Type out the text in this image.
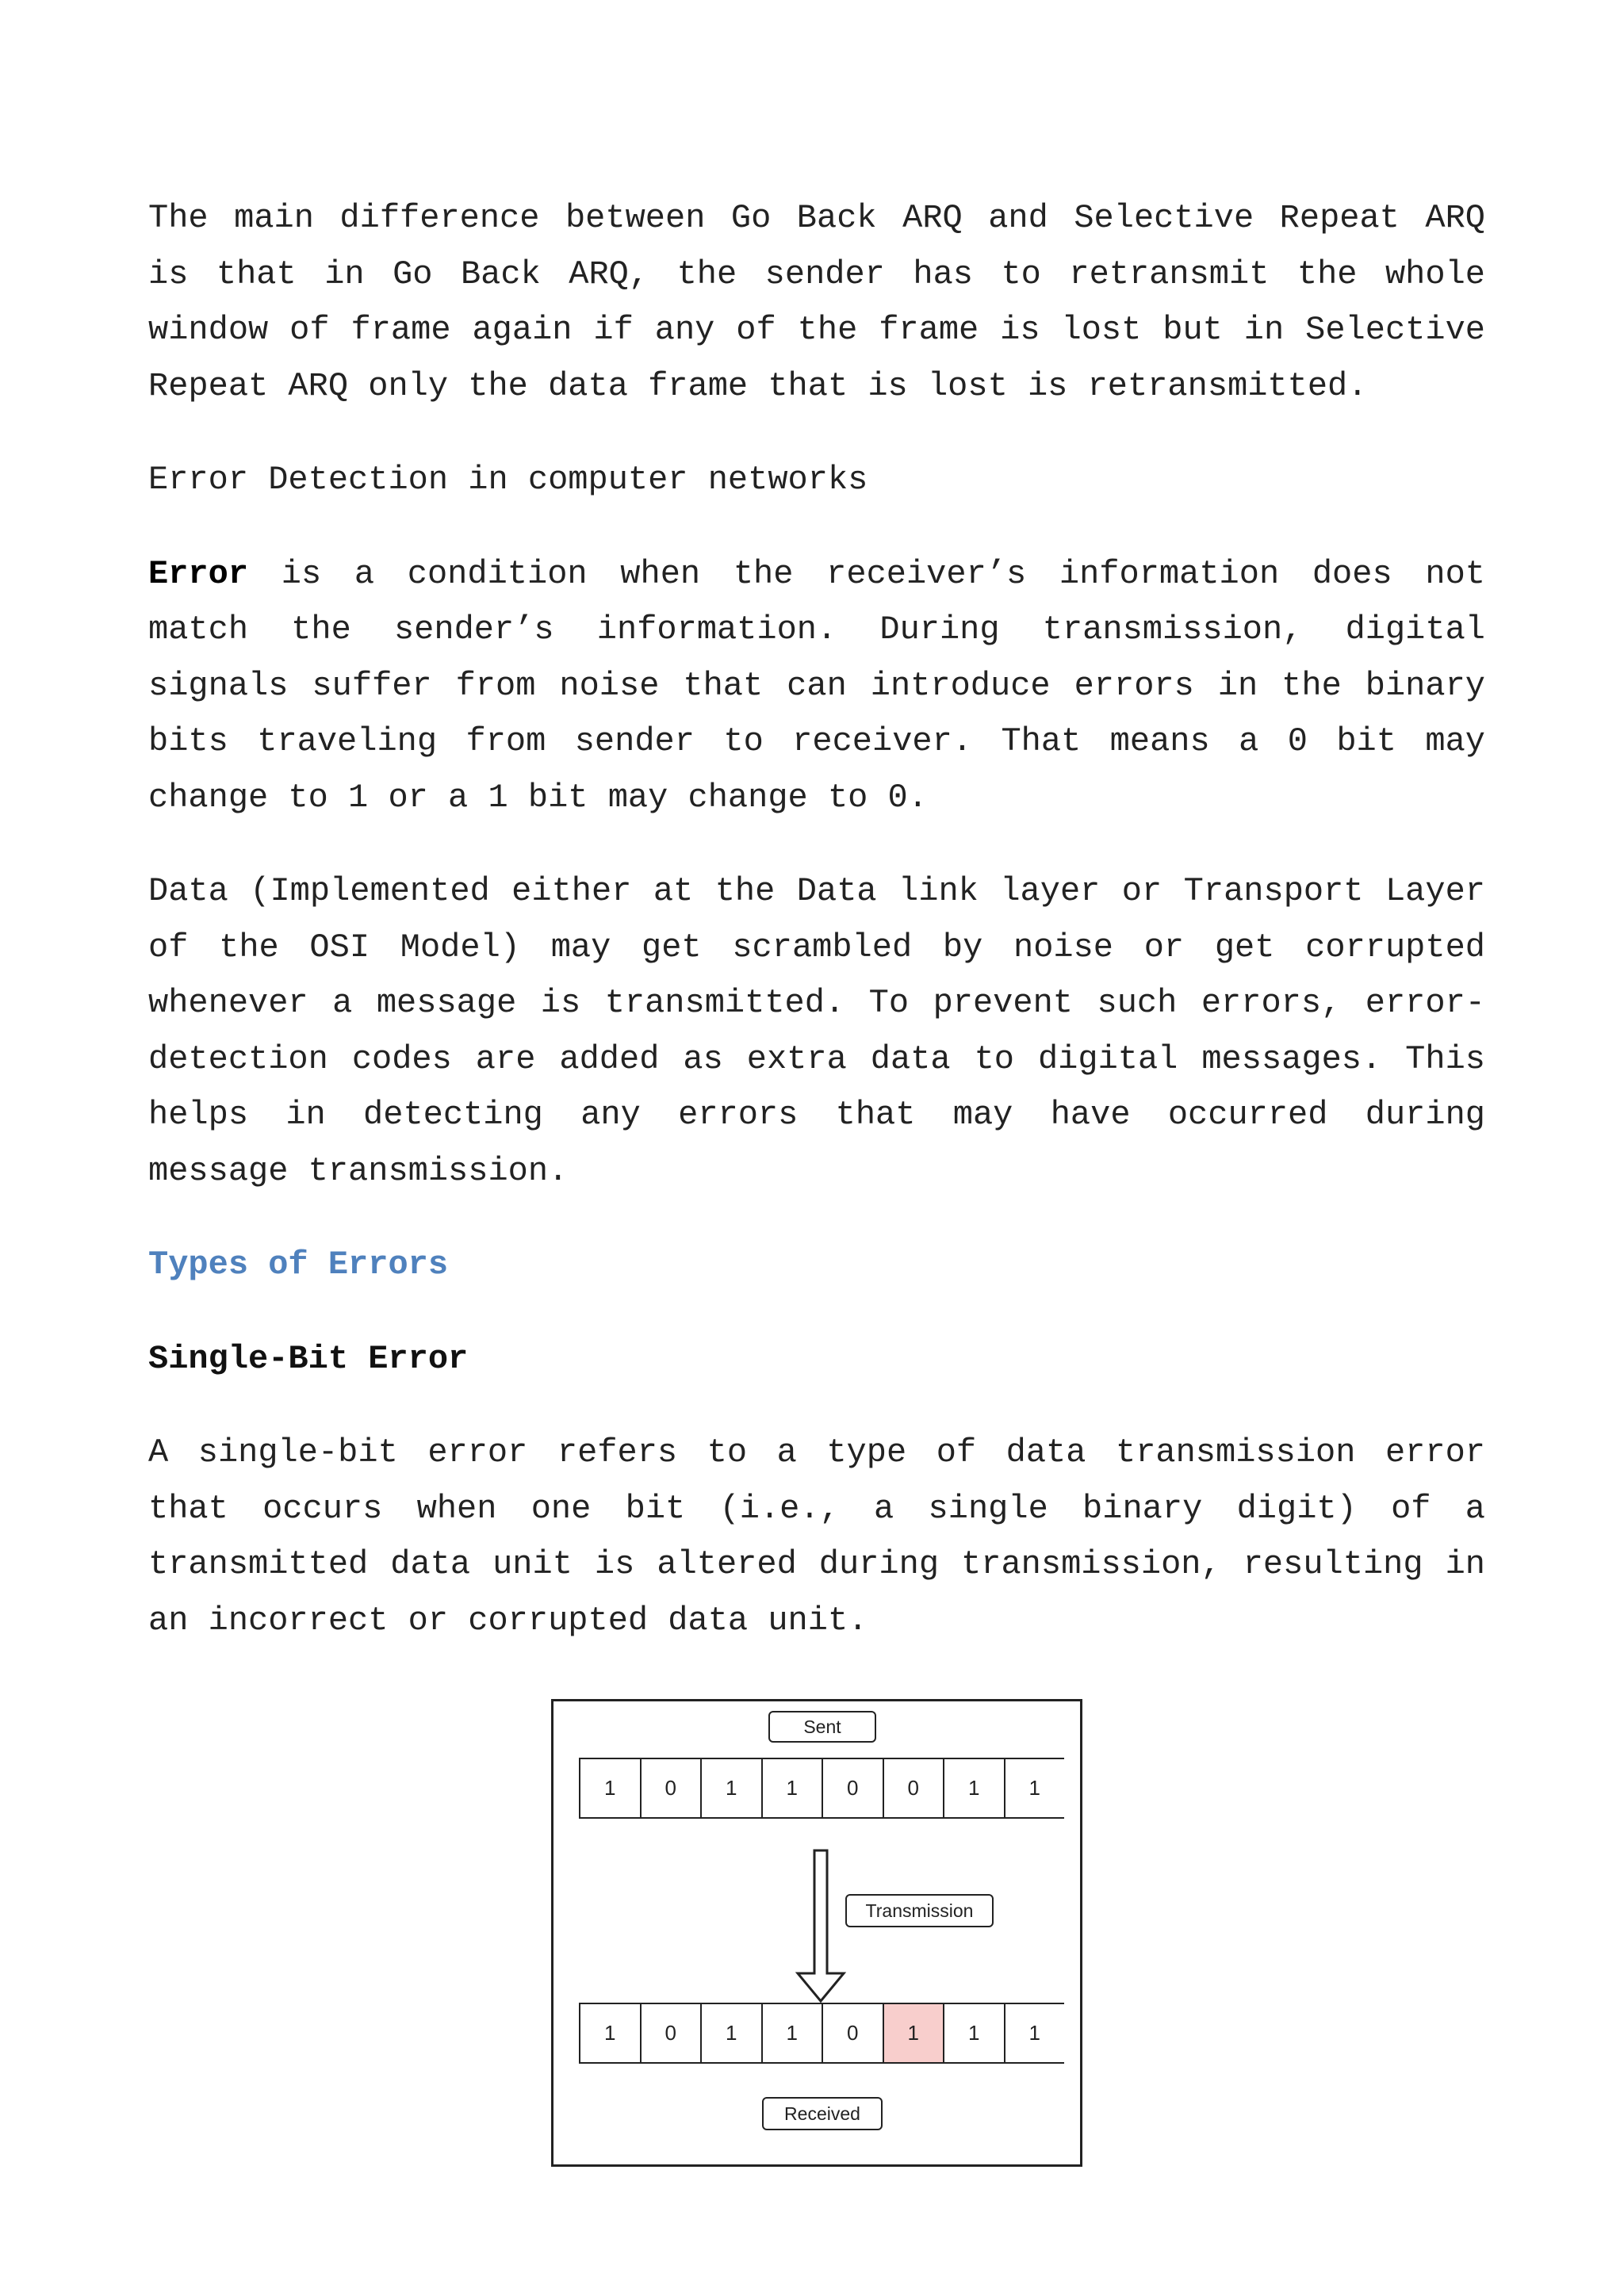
The main difference between Go Back ARQ and Selective Repeat ARQ is that in Go Back ARQ, the sender has to retransmit the whole window of frame again if any of the frame is lost but in Selective Repeat ARQ only the data frame that is lost is retransmitted.

Error Detection in computer networks

Error is a condition when the receiver’s information does not match the sender’s information. During transmission, digital signals suffer from noise that can introduce errors in the binary bits traveling from sender to receiver. That means a 0 bit may change to 1 or a 1 bit may change to 0.

Data (Implemented either at the Data link layer or Transport Layer of the OSI Model) may get scrambled by noise or get corrupted whenever a message is transmitted. To prevent such errors, error-detection codes are added as extra data to digital messages. This helps in detecting any errors that may have occurred during message transmission.

Types of Errors
Single-Bit Error

A single-bit error refers to a type of data transmission error that occurs when one bit (i.e., a single binary digit) of a transmitted data unit is altered during transmission, resulting in an incorrect or corrupted data unit.

Sent
1	0	1	1	0	0	1	1
Transmission
1	0	1	1	0	1	1	1
Received
